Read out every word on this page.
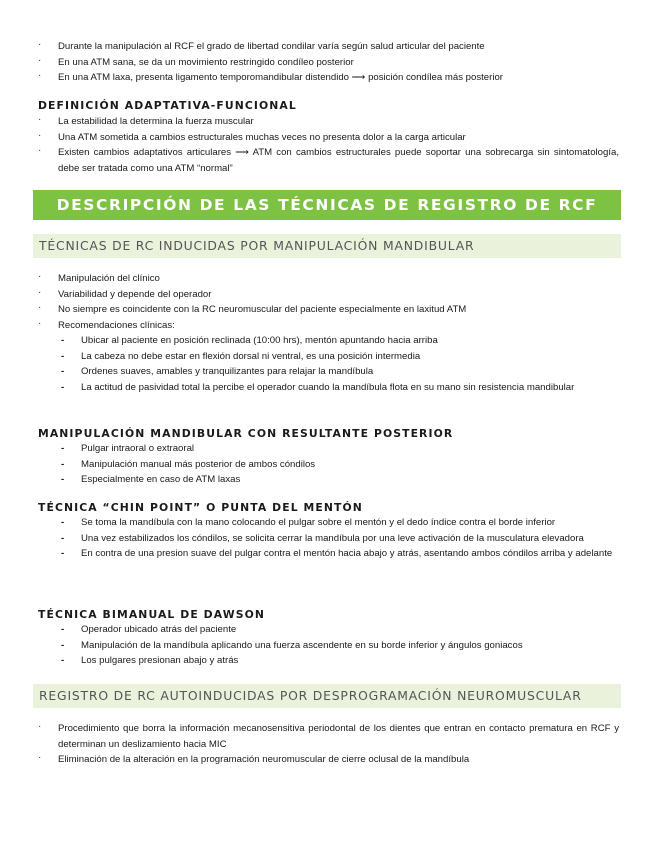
· Durante la manipulación al RCF el grado de libertad condilar varía según salud articular del paciente
· En una ATM sana, se da un movimiento restringido condíleo posterior
· En una ATM laxa, presenta ligamento temporomandibular distendido ⟶ posición condílea más posterior
DEFINICIÓN ADAPTATIVA-FUNCIONAL
· La estabilidad la determina la fuerza muscular
· Una ATM sometida a cambios estructurales muchas veces no presenta dolor a la carga articular
· Existen cambios adaptativos articulares ⟶ ATM con cambios estructurales puede soportar una sobrecarga sin sintomatología, debe ser tratada como una ATM “normal”
DESCRIPCIÓN DE LAS TÉCNICAS DE REGISTRO DE RCF
TÉCNICAS DE RC INDUCIDAS POR MANIPULACIÓN MANDIBULAR
· Manipulación del clínico
· Variabilidad y depende del operador
· No siempre es coincidente con la RC neuromuscular del paciente especialmente en laxitud ATM
· Recomendaciones clínicas:
- Ubicar al paciente en posición reclinada (10:00 hrs), mentón apuntando hacia arriba
- La cabeza no debe estar en flexión dorsal ni ventral, es una posición intermedia
- Ordenes suaves, amables y tranquilizantes para relajar la mandíbula
- La actitud de pasividad total la percibe el operador cuando la mandíbula flota en su mano sin resistencia mandibular
MANIPULACIÓN MANDIBULAR CON RESULTANTE POSTERIOR
- Pulgar intraoral o extraoral
- Manipulación manual más posterior de ambos cóndilos
- Especialmente en caso de ATM laxas
TÉCNICA “CHIN POINT” O PUNTA DEL MENTÓN
- Se toma la mandíbula con la mano colocando el pulgar sobre el mentón y el dedo índice contra el borde inferior
- Una vez estabilizados los cóndilos, se solicita cerrar la mandíbula por una leve activación de la musculatura elevadora
- En contra de una presion suave del pulgar contra el mentón hacia abajo y atrás, asentando ambos cóndilos arriba y adelante
TÉCNICA BIMANUAL DE DAWSON
- Operador ubicado atrás del paciente
- Manipulación de la mandíbula aplicando una fuerza ascendente en su borde inferior y ángulos goniacos
- Los pulgares presionan abajo y atrás
REGISTRO DE RC AUTOINDUCIDAS POR DESPROGRAMACIÓN NEUROMUSCULAR
· Procedimiento que borra la información mecanosensitiva periodontal de los dientes que entran en contacto prematura en RCF y determinan un deslizamiento hacia MIC
· Eliminación de la alteración en la programación neuromuscular de cierre oclusal de la mandíbula
